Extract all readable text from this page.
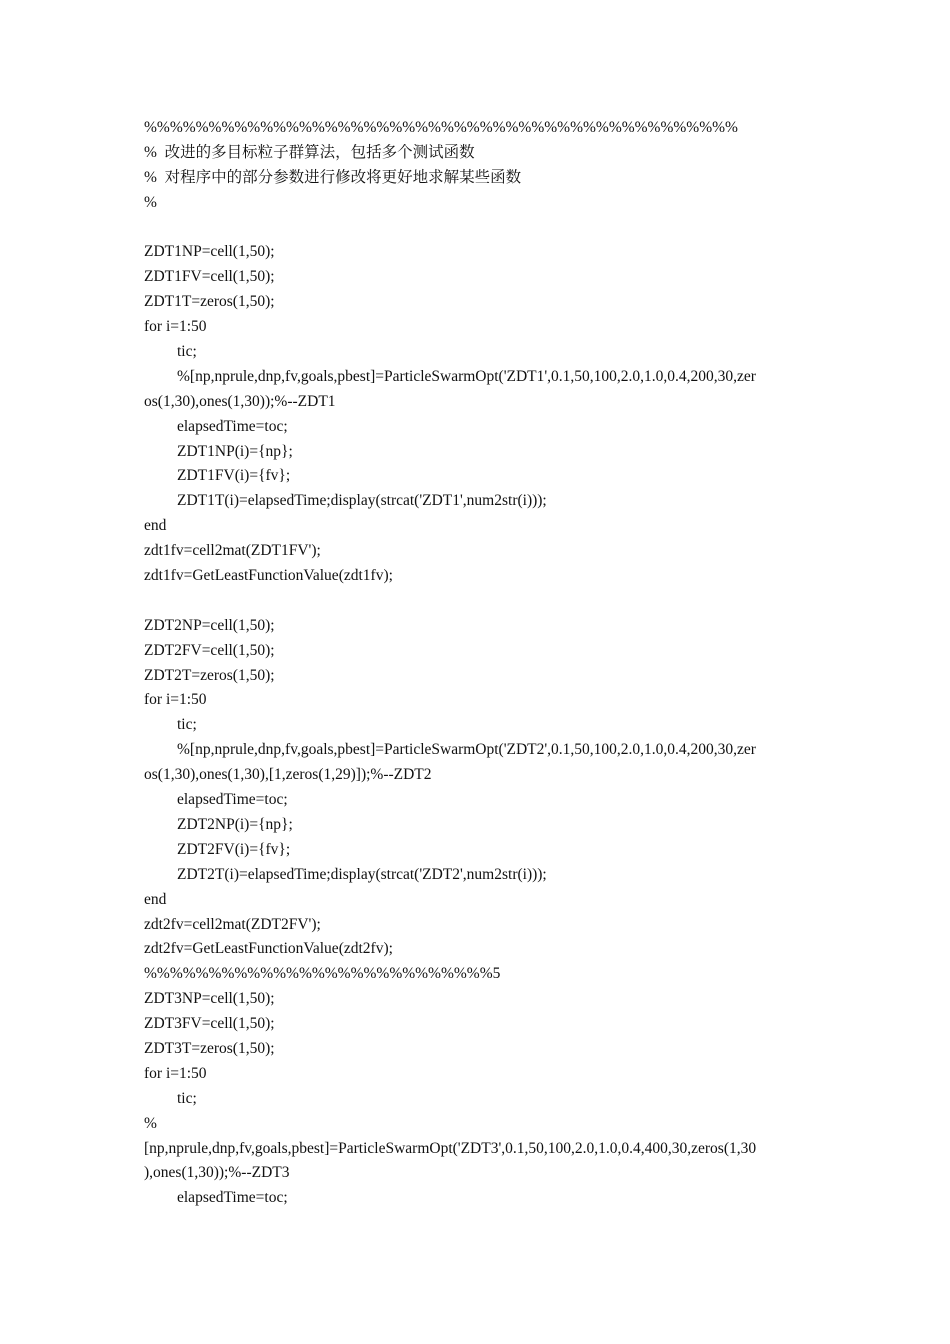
%%%%%%%%%%%%%%%%%%%%%%%%%%%%%%%%%%%%%%%%%%%%%%
%  改进的多目标粒子群算法，包括多个测试函数
%  对程序中的部分参数进行修改将更好地求解某些函数
%
ZDT1NP=cell(1,50);
ZDT1FV=cell(1,50);
ZDT1T=zeros(1,50);
for i=1:50
tic;
%[np,nprule,dnp,fv,goals,pbest]=ParticleSwarmOpt('ZDT1',0.1,50,100,2.0,1.0,0.4,200,30,zer
os(1,30),ones(1,30));%--ZDT1
elapsedTime=toc;
ZDT1NP(i)={np};
ZDT1FV(i)={fv};
ZDT1T(i)=elapsedTime;display(strcat('ZDT1',num2str(i)));
end
zdt1fv=cell2mat(ZDT1FV');
zdt1fv=GetLeastFunctionValue(zdt1fv);
ZDT2NP=cell(1,50);
ZDT2FV=cell(1,50);
ZDT2T=zeros(1,50);
for i=1:50
tic;
%[np,nprule,dnp,fv,goals,pbest]=ParticleSwarmOpt('ZDT2',0.1,50,100,2.0,1.0,0.4,200,30,zer
os(1,30),ones(1,30),[1,zeros(1,29)]);%--ZDT2
elapsedTime=toc;
ZDT2NP(i)={np};
ZDT2FV(i)={fv};
ZDT2T(i)=elapsedTime;display(strcat('ZDT2',num2str(i)));
end
zdt2fv=cell2mat(ZDT2FV');
zdt2fv=GetLeastFunctionValue(zdt2fv);
%%%%%%%%%%%%%%%%%%%%%%%%%%%5
ZDT3NP=cell(1,50);
ZDT3FV=cell(1,50);
ZDT3T=zeros(1,50);
for i=1:50
tic;
%
[np,nprule,dnp,fv,goals,pbest]=ParticleSwarmOpt('ZDT3',0.1,50,100,2.0,1.0,0.4,400,30,zeros(1,30
),ones(1,30));%--ZDT3
elapsedTime=toc;
